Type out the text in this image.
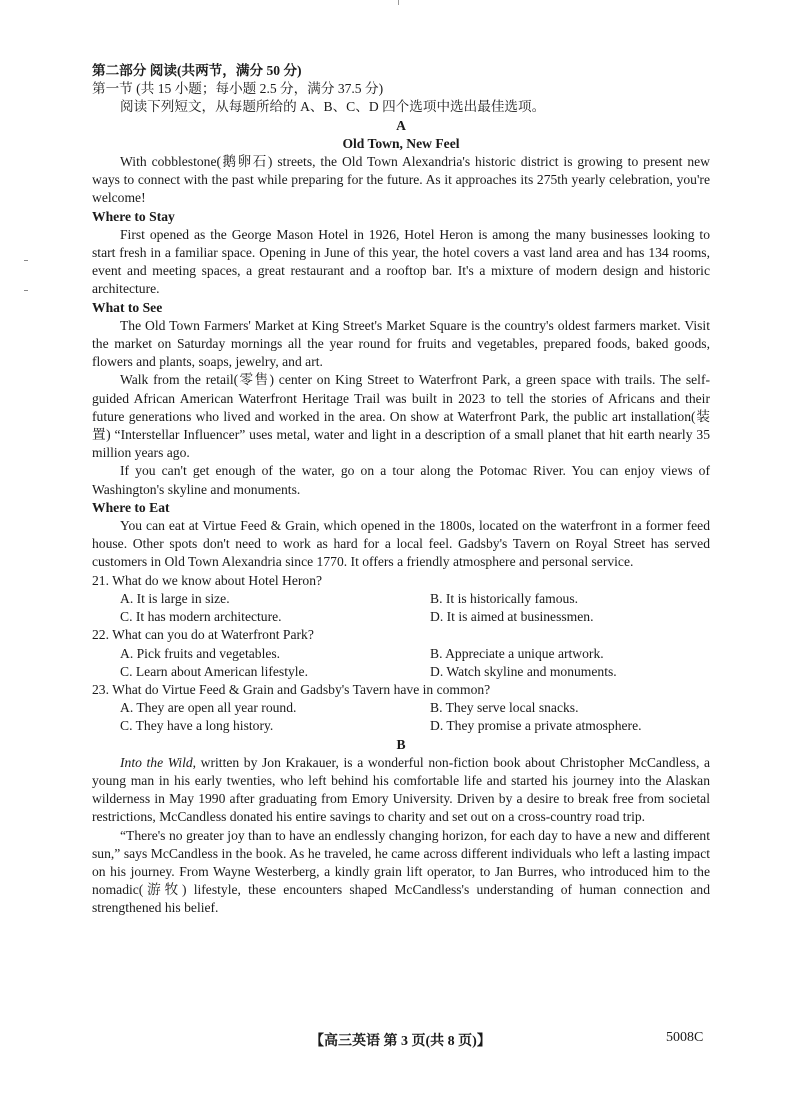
第二部分 阅读(共两节，满分 50 分)
第一节 (共 15 小题；每小题 2.5 分，满分 37.5 分)
阅读下列短文，从每题所给的 A、B、C、D 四个选项中选出最佳选项。
A
Old Town, New Feel

With cobblestone(鹅卵石) streets, the Old Town Alexandria's historic district is growing to present new ways to connect with the past while preparing for the future. As it approaches its 275th yearly celebration, you're welcome!

Where to Stay

First opened as the George Mason Hotel in 1926, Hotel Heron is among the many businesses looking to start fresh in a familiar space. Opening in June of this year, the hotel covers a vast land area and has 134 rooms, event and meeting spaces, a great restaurant and a rooftop bar. It's a mixture of modern design and historic architecture.

What to See

The Old Town Farmers' Market at King Street's Market Square is the country's oldest farmers market. Visit the market on Saturday mornings all the year round for fruits and vegetables, prepared foods, baked goods, flowers and plants, soaps, jewelry, and art.

Walk from the retail(零售) center on King Street to Waterfront Park, a green space with trails. The self-guided African American Waterfront Heritage Trail was built in 2023 to tell the stories of Africans and their future generations who lived and worked in the area. On show at Waterfront Park, the public art installation(装置) “Interstellar Influencer” uses metal, water and light in a description of a small planet that hit earth nearly 35 million years ago.

If you can't get enough of the water, go on a tour along the Potomac River. You can enjoy views of Washington's skyline and monuments.

Where to Eat

You can eat at Virtue Feed & Grain, which opened in the 1800s, located on the waterfront in a former feed house. Other spots don't need to work as hard for a local feel. Gadsby's Tavern on Royal Street has served customers in Old Town Alexandria since 1770. It offers a friendly atmosphere and personal service.

21. What do we know about Hotel Heron?
A. It is large in size.	B. It is historically famous.
C. It has modern architecture.	D. It is aimed at businessmen.
22. What can you do at Waterfront Park?
A. Pick fruits and vegetables.	B. Appreciate a unique artwork.
C. Learn about American lifestyle.	D. Watch skyline and monuments.
23. What do Virtue Feed & Grain and Gadsby's Tavern have in common?
A. They are open all year round.	B. They serve local snacks.
C. They have a long history.	D. They promise a private atmosphere.
B

Into the Wild, written by Jon Krakauer, is a wonderful non-fiction book about Christopher McCandless, a young man in his early twenties, who left behind his comfortable life and started his journey into the Alaskan wilderness in May 1990 after graduating from Emory University. Driven by a desire to break free from societal restrictions, McCandless donated his entire savings to charity and set out on a cross-country road trip.

“There's no greater joy than to have an endlessly changing horizon, for each day to have a new and different sun,” says McCandless in the book. As he traveled, he came across different individuals who left a lasting impact on his journey. From Wayne Westerberg, a kindly grain lift operator, to Jan Burres, who introduced him to the nomadic(游牧) lifestyle, these encounters shaped McCandless's understanding of human connection and strengthened his belief.

【高三英语 第 3 页(共 8 页)】	5008C
